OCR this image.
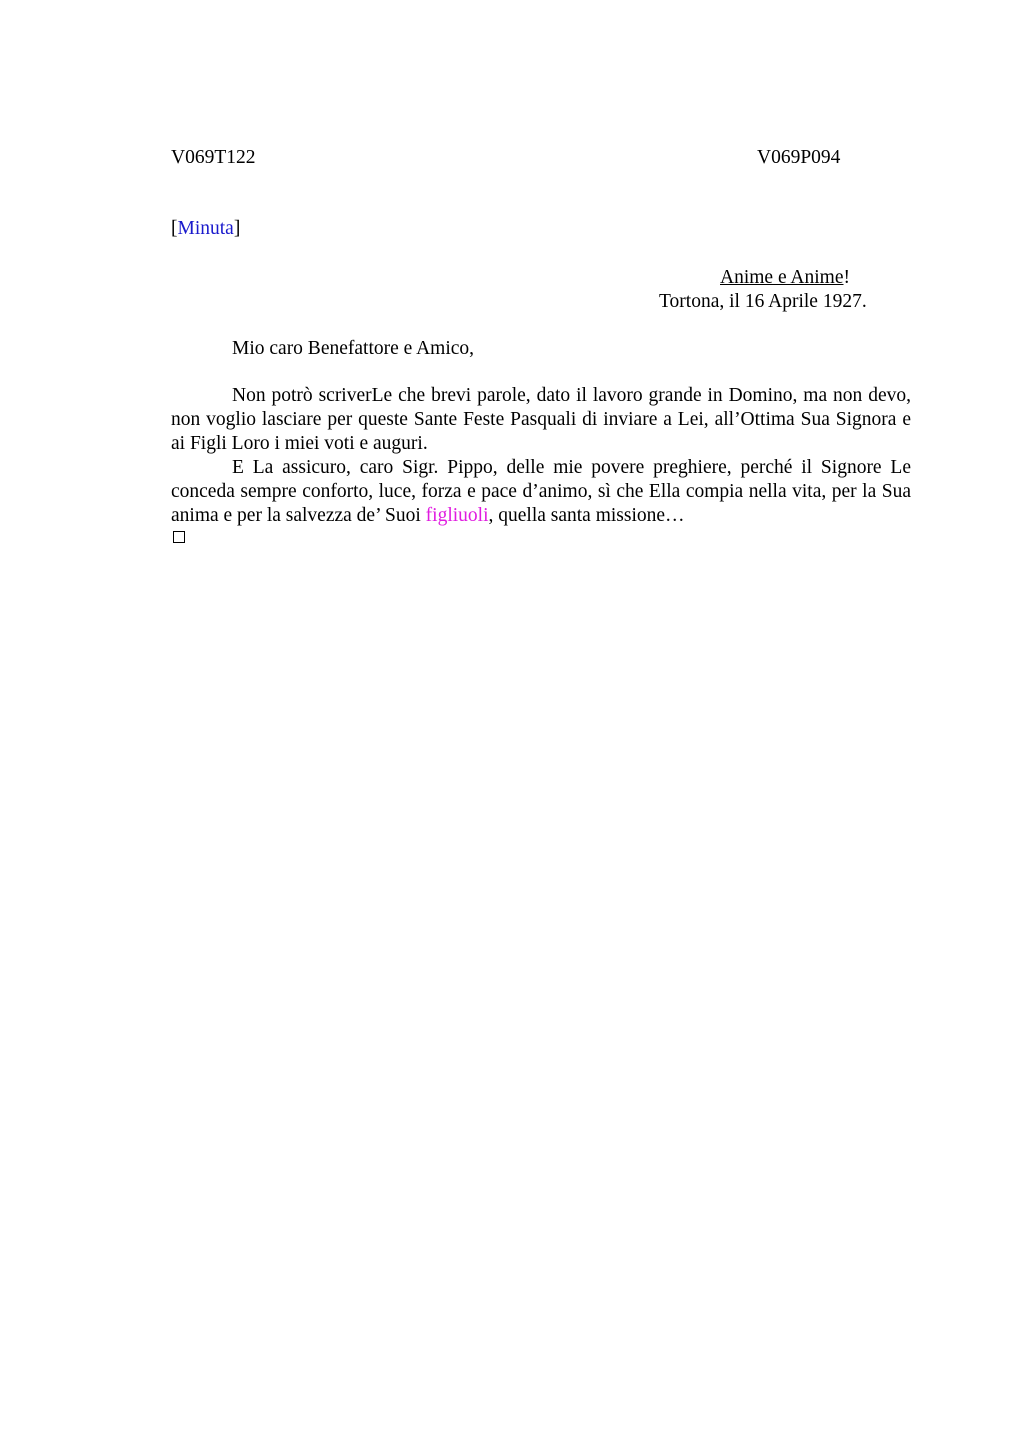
V069T122	V069P094
[Minuta]
Anime e Anime!
Tortona, il 16 Aprile 1927.
Mio caro Benefattore e Amico,
Non potrò scriverLe che brevi parole, dato il lavoro grande in Domino, ma non devo, non voglio lasciare per queste Sante Feste Pasquali di inviare a Lei, all’Ottima Sua Signora e ai Figli Loro i miei voti e auguri.
E La assicuro, caro Sigr. Pippo, delle mie povere preghiere, perché il Signore Le conceda sempre conforto, luce, forza e pace d’animo, sì che Ella compia nella vita, per la Sua anima e per la salvezza de’ Suoi figliuoli, quella santa missione…
